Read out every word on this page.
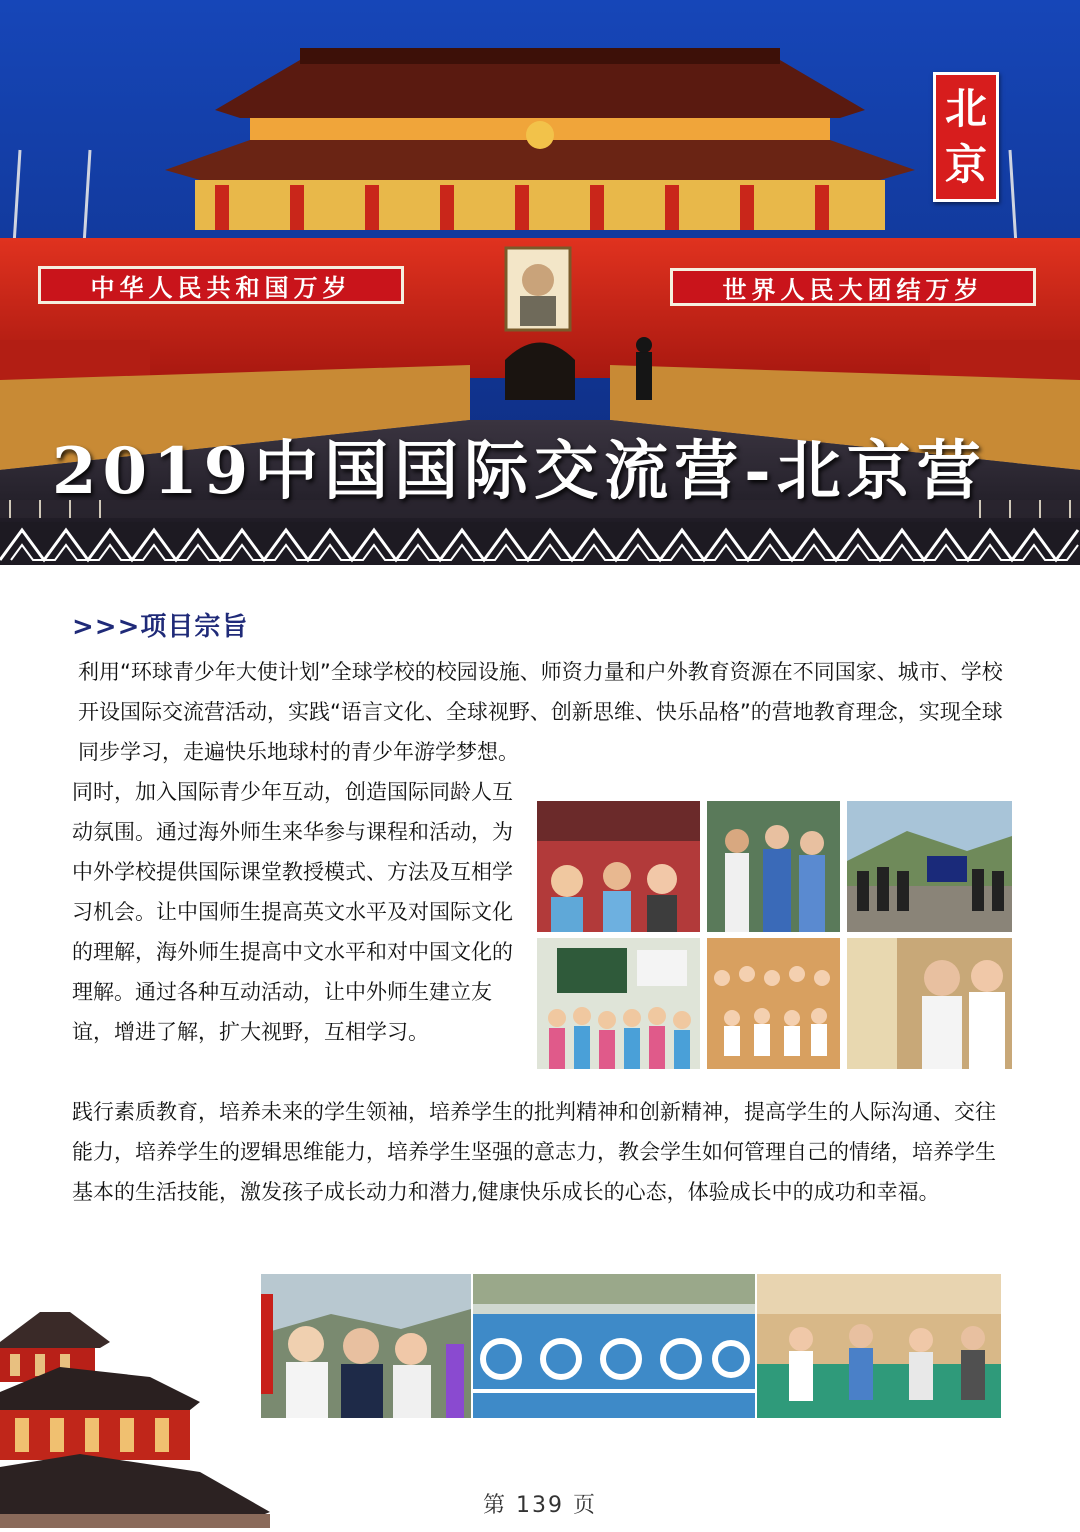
中华人民共和国万岁	世界人民大团结万岁
北
京
2019中国国际交流营-北京营
>>>项目宗旨
利用“环球青少年大使计划”全球学校的校园设施、师资力量和户外教育资源在不同国家、城市、学校开设国际交流营活动，实践“语言文化、全球视野、创新思维、快乐品格”的营地教育理念，实现全球同步学习，走遍快乐地球村的青少年游学梦想。
同时，加入国际青少年互动，创造国际同龄人互动氛围。通过海外师生来华参与课程和活动，为中外学校提供国际课堂教授模式、方法及互相学习机会。让中国师生提高英文水平及对国际文化的理解，海外师生提高中文水平和对中国文化的理解。通过各种互动活动，让中外师生建立友谊，增进了解，扩大视野，互相学习。
践行素质教育，培养未来的学生领袖，培养学生的批判精神和创新精神，提高学生的人际沟通、交往能力，培养学生的逻辑思维能力，培养学生坚强的意志力，教会学生如何管理自己的情绪，培养学生基本的生活技能，激发孩子成长动力和潜力,健康快乐成长的心态，体验成长中的成功和幸福。
第 139 页
